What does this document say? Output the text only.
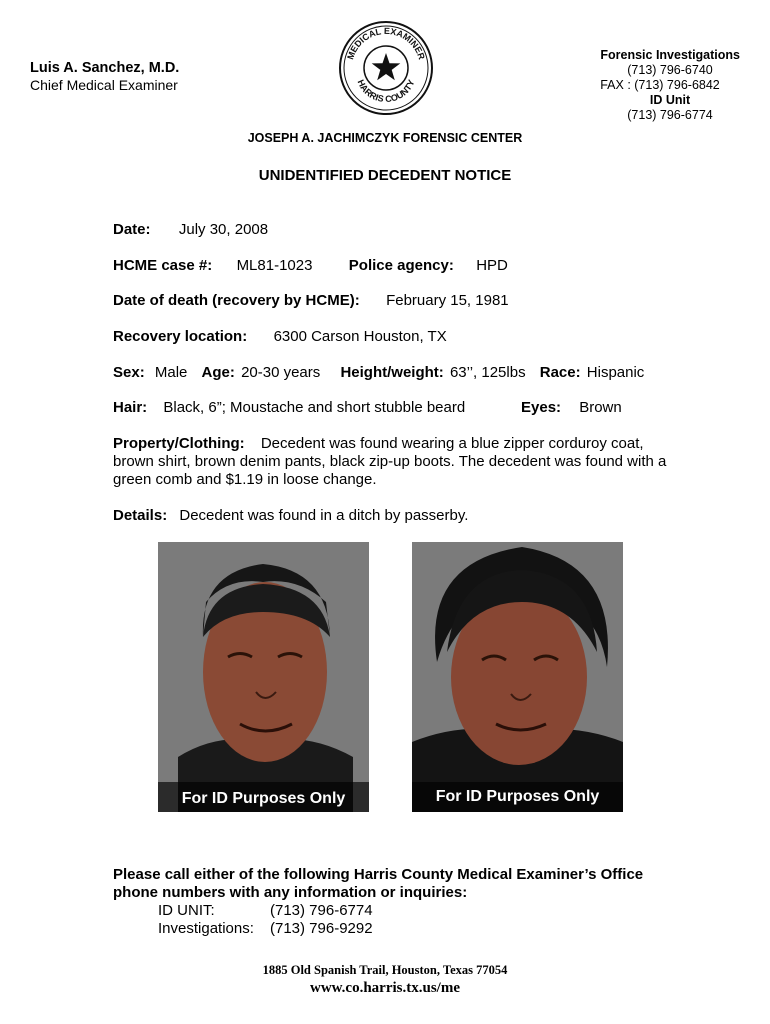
Luis A. Sanchez, M.D.
Chief Medical Examiner
MEDICAL EXAMINER
HARRIS COUNTY
Forensic Investigations
(713) 796-6740
FAX : (713) 796-6842
ID Unit
(713) 796-6774
JOSEPH A. JACHIMCZYK FORENSIC CENTER
UNIDENTIFIED DECEDENT NOTICE
Date: July 30, 2008
HCME case #: ML81-1023 Police agency: HPD
Date of death (recovery by HCME): February 15, 1981
Recovery location: 6300 Carson Houston, TX
Sex: Male Age: 20-30 years Height/weight: 63’’, 125lbs Race: Hispanic
Hair: Black, 6”; Moustache and short stubble beard	Eyes: Brown
Property/Clothing: Decedent was found wearing a blue zipper corduroy coat, brown shirt, brown denim pants, black zip-up boots. The decedent was found with a green comb and $1.19 in loose change.
Details: Decedent was found in a ditch by passerby.
For ID Purposes Only	For ID Purposes Only
Please call either of the following Harris County Medical Examiner’s Office
phone numbers with any information or inquiries:
ID UNIT:	(713) 796-6774
Investigations: (713) 796-9292
1885 Old Spanish Trail, Houston, Texas 77054
www.co.harris.tx.us/me
